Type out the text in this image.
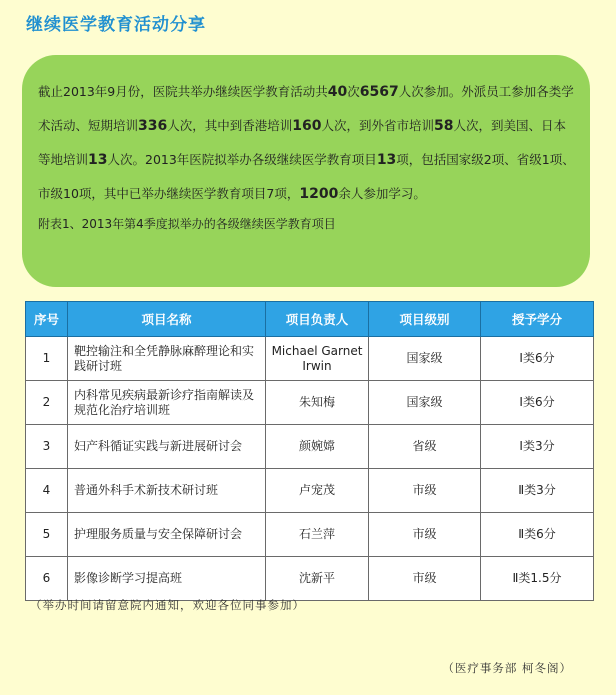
继续医学教育活动分享

截止2013年9月份，医院共举办继续医学教育活动共40次6567人次参加。外派员工参加各类学术活动、短期培训336人次，其中到香港培训160人次，到外省市培训58人次，到美国、日本等地培训13人次。2013年医院拟举办各级继续医学教育项目13项，包括国家级2项、省级1项、市级10项，其中已举办继续医学教育项目7项，1200余人参加学习。

附表1、2013年第4季度拟举办的各级继续医学教育项目

序号	项目名称	项目负责人	项目级别	授予学分
1	靶控输注和全凭静脉麻醉理论和实践研讨班	Michael Garnet Irwin	国家级	Ⅰ类6分
2	内科常见疾病最新诊疗指南解读及规范化治疗培训班	朱知梅	国家级	Ⅰ类6分
3	妇产科循证实践与新进展研讨会	颜婉嫦	省级	Ⅰ类3分
4	普通外科手术新技术研讨班	卢宠茂	市级	Ⅱ类3分
5	护理服务质量与安全保障研讨会	石兰萍	市级	Ⅱ类6分
6	影像诊断学习提高班	沈新平	市级	Ⅱ类1.5分
（举办时间请留意院内通知，欢迎各位同事参加）
（医疗事务部 柯冬阁）
